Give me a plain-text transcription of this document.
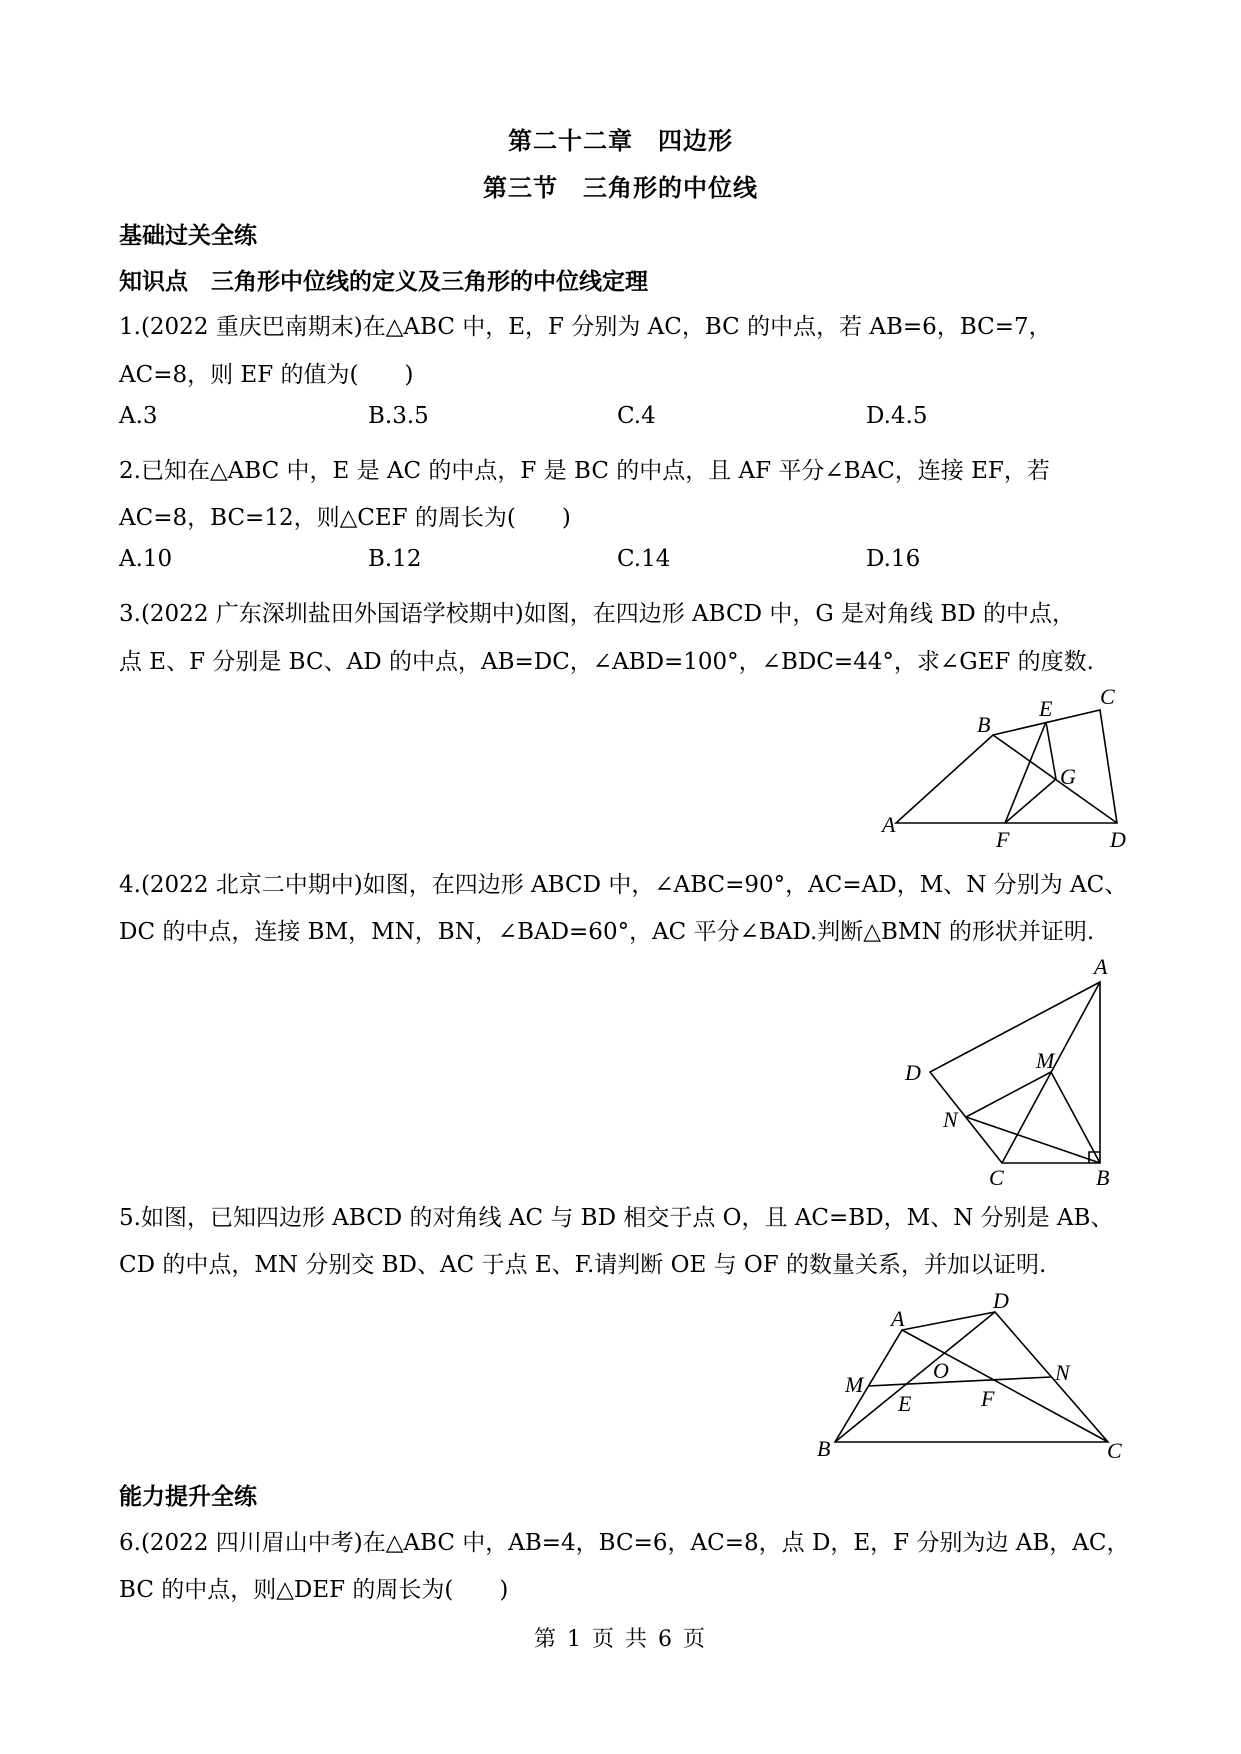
第二十二章　四边形
第三节　三角形的中位线
基础过关全练
知识点　三角形中位线的定义及三角形的中位线定理
1.(2022 重庆巴南期末)在△ABC 中，E，F 分别为 AC，BC 的中点，若 AB=6，BC=7，
AC=8，则 EF 的值为(　　)
A.3	B.3.5	C.4	D.4.5
2.已知在△ABC 中，E 是 AC 的中点，F 是 BC 的中点，且 AF 平分∠BAC，连接 EF，若
AC=8，BC=12，则△CEF 的周长为(　　)
A.10	B.12	C.14	D.16
3.(2022 广东深圳盐田外国语学校期中)如图，在四边形 ABCD 中，G 是对角线 BD 的中点，
点 E、F 分别是 BC、AD 的中点，AB=DC，∠ABD=100°，∠BDC=44°，求∠GEF 的度数.
A
B
C
D
E
F
G
4.(2022 北京二中期中)如图，在四边形 ABCD 中，∠ABC=90°，AC=AD，M、N 分别为 AC、
DC 的中点，连接 BM，MN，BN，∠BAD=60°，AC 平分∠BAD.判断△BMN 的形状并证明.
A
B
C
D	M
N
5.如图，已知四边形 ABCD 的对角线 AC 与 BD 相交于点 O，且 AC=BD，M、N 分别是 AB、
CD 的中点，MN 分别交 BD、AC 于点 E、F.请判断 OE 与 OF 的数量关系，并加以证明.
A
D
M	N
O
E	F
B	C
能力提升全练
6.(2022 四川眉山中考)在△ABC 中，AB=4，BC=6，AC=8，点 D，E，F 分别为边 AB，AC，
BC 的中点，则△DEF 的周长为(　　)
第 1 页 共 6 页
